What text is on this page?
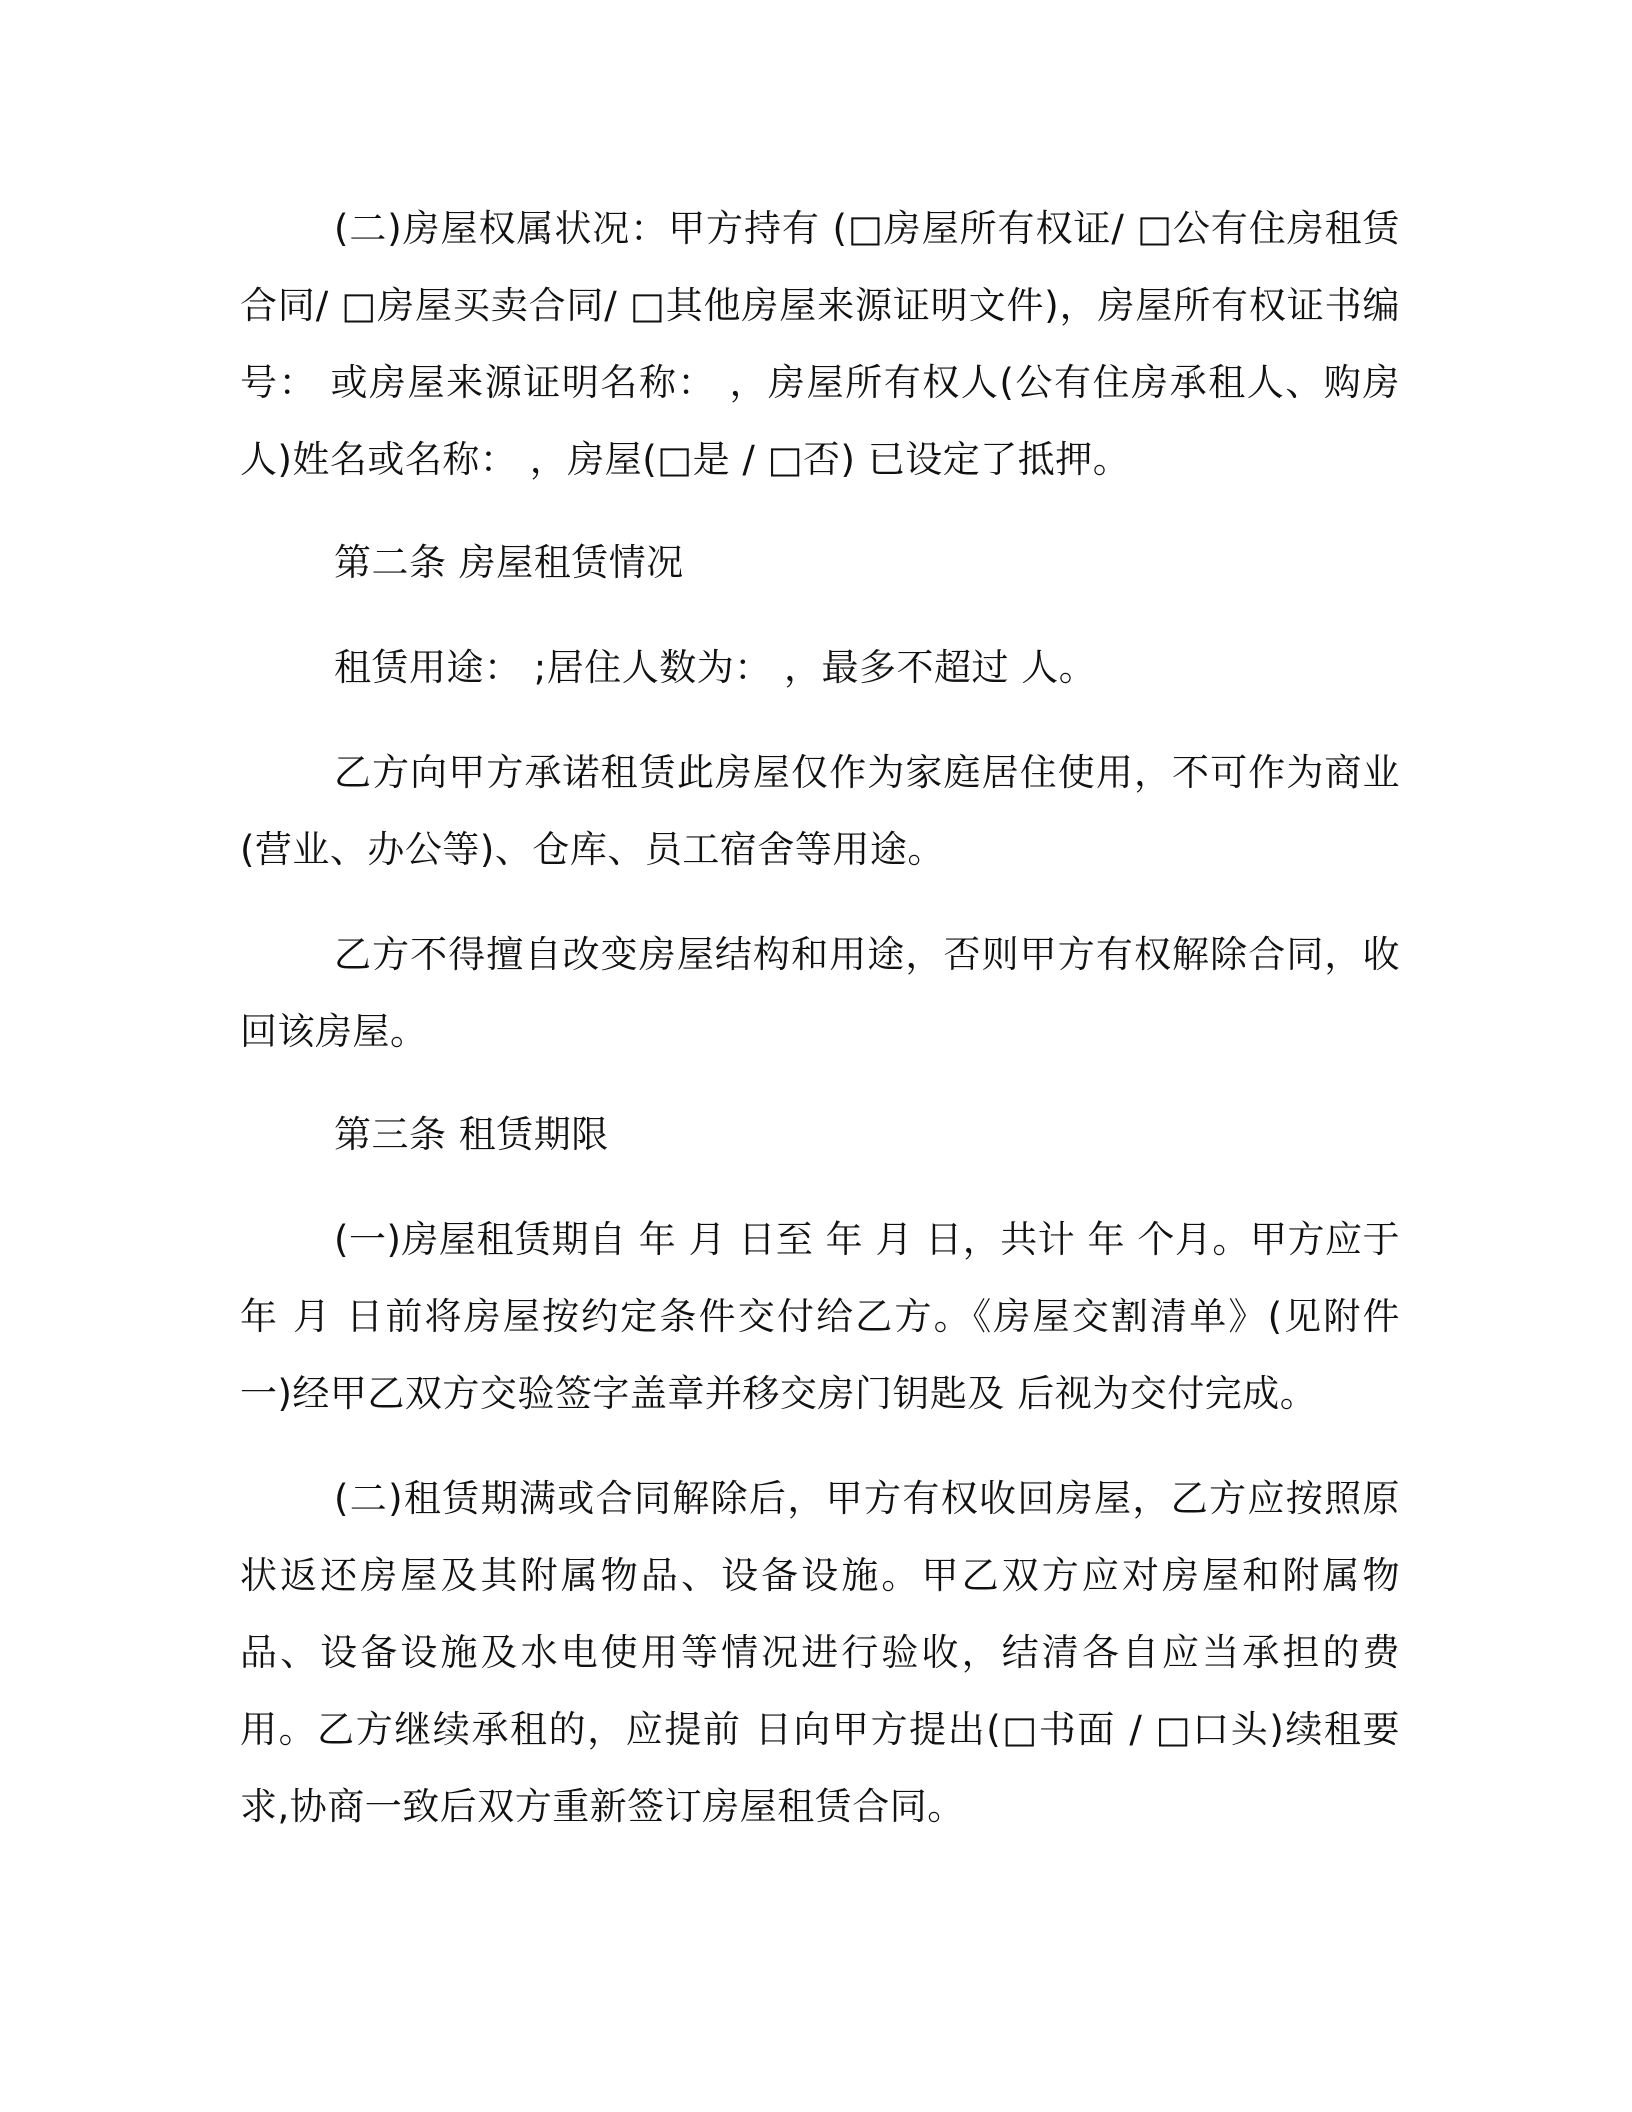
(二)房屋权属状况：甲方持有 (□房屋所有权证/ □公有住房租赁合同/ □房屋买卖合同/ □其他房屋来源证明文件)，房屋所有权证书编号： 或房屋来源证明名称： ，房屋所有权人(公有住房承租人、购房人)姓名或名称： ，房屋(□是 / □否) 已设定了抵押。

第二条 房屋租赁情况

租赁用途： ;居住人数为： ，最多不超过 人。

乙方向甲方承诺租赁此房屋仅作为家庭居住使用，不可作为商业(营业、办公等)、仓库、员工宿舍等用途。

乙方不得擅自改变房屋结构和用途，否则甲方有权解除合同，收回该房屋。

第三条 租赁期限

(一)房屋租赁期自 年 月 日至 年 月 日，共计 年 个月。甲方应于 年 月 日前将房屋按约定条件交付给乙方。《房屋交割清单》(见附件一)经甲乙双方交验签字盖章并移交房门钥匙及 后视为交付完成。

(二)租赁期满或合同解除后，甲方有权收回房屋，乙方应按照原状返还房屋及其附属物品、设备设施。甲乙双方应对房屋和附属物品、设备设施及水电使用等情况进行验收，结清各自应当承担的费用。乙方继续承租的，应提前 日向甲方提出(□书面 / □口头)续租要求,协商一致后双方重新签订房屋租赁合同。
